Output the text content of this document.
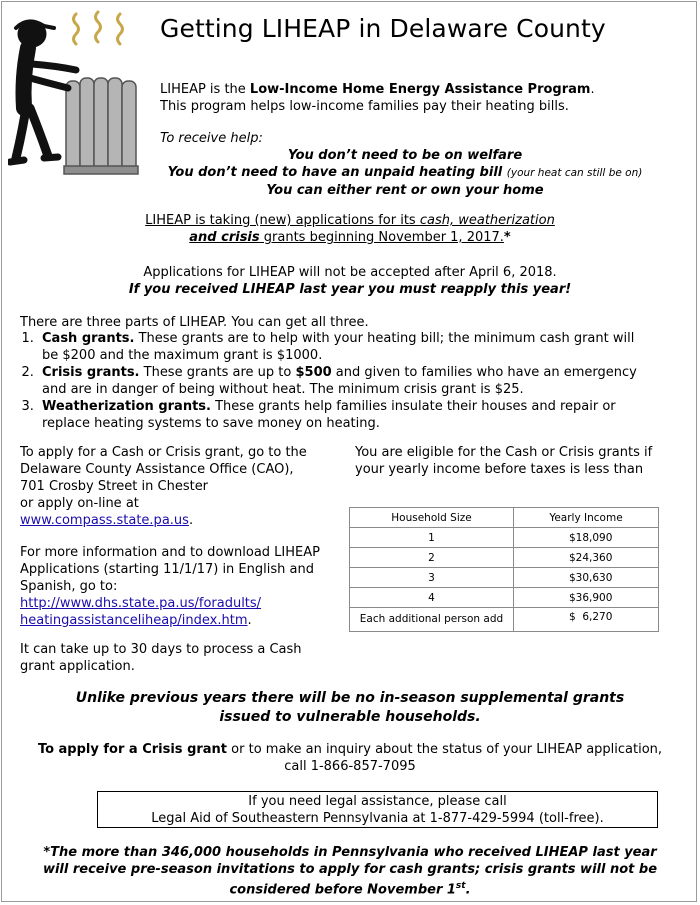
Getting LIHEAP in Delaware County
LIHEAP is the Low-Income Home Energy Assistance Program.
This program helps low-income families pay their heating bills.
To receive help:
You don’t need to be on welfare
You don’t need to have an unpaid heating bill (your heat can still be on)
You can either rent or own your home
LIHEAP is taking (new) applications for its cash, weatherization
and crisis grants beginning November 1, 2017.*
Applications for LIHEAP will not be accepted after April 6, 2018.
If you received LIHEAP last year you must reapply this year!
There are three parts of LIHEAP. You can get all three.
1. Cash grants. These grants are to help with your heating bill; the minimum cash grant will be $200 and the maximum grant is $1000.
2. Crisis grants. These grants are up to $500 and given to families who have an emergency and are in danger of being without heat. The minimum crisis grant is $25.
3. Weatherization grants. These grants help families insulate their houses and repair or replace heating systems to save money on heating.
To apply for a Cash or Crisis grant, go to the Delaware County Assistance Office (CAO), 701 Crosby Street in Chester
or apply on-line at
www.compass.state.pa.us.
For more information and to download LIHEAP Applications (starting 11/1/17) in English and Spanish, go to:
http://www.dhs.state.pa.us/foradults/
heatingassistanceliheap/index.htm.
It can take up to 30 days to process a Cash grant application.
You are eligible for the Cash or Crisis grants if your yearly income before taxes is less than
Household Size	Yearly Income
1	$18,090
2	$24,360
3	$30,630
4	$36,900
Each additional person add	$  6,270
Unlike previous years there will be no in-season supplemental grants
issued to vulnerable households.
To apply for a Crisis grant or to make an inquiry about the status of your LIHEAP application,
call 1-866-857-7095
If you need legal assistance, please call
Legal Aid of Southeastern Pennsylvania at 1-877-429-5994 (toll-free).
*The more than 346,000 households in Pennsylvania who received LIHEAP last year
will receive pre-season invitations to apply for cash grants; crisis grants will not be
considered before November 1st.
